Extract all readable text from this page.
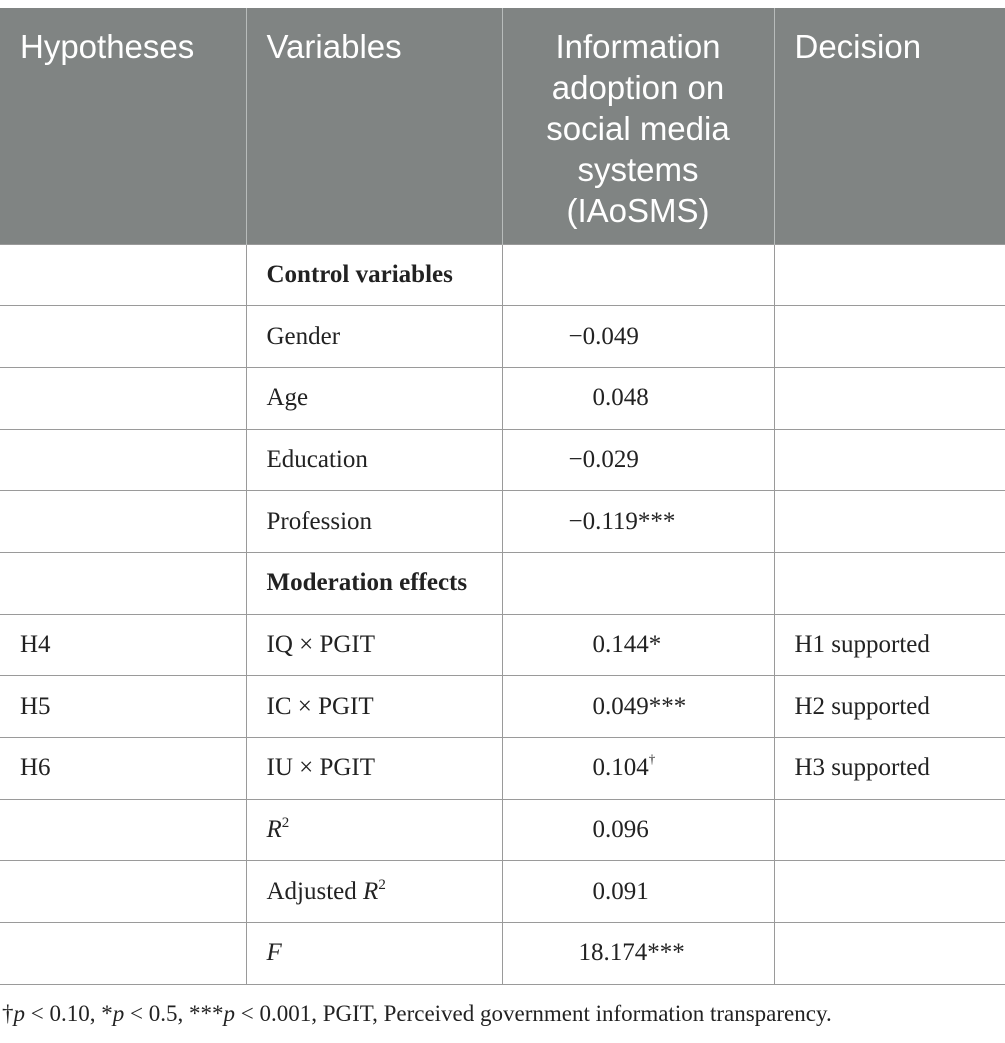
Hypotheses	Variables	Information adoption on social media systems (IAoSMS)	Decision
	Control variables		
	Gender	−0.049	
	Age	0.048	
	Education	−0.029	
	Profession	−0.119***	
	Moderation effects		
H4	IQ × PGIT	0.144*	H1 supported
H5	IC × PGIT	0.049***	H2 supported
H6	IU × PGIT	0.104†	H3 supported
	$R^2$	0.096	
	Adjusted $R^2$	0.091	
	F	18.174***	
†p < 0.10, *p < 0.5, ***p < 0.001, PGIT, Perceived government information transparency.
